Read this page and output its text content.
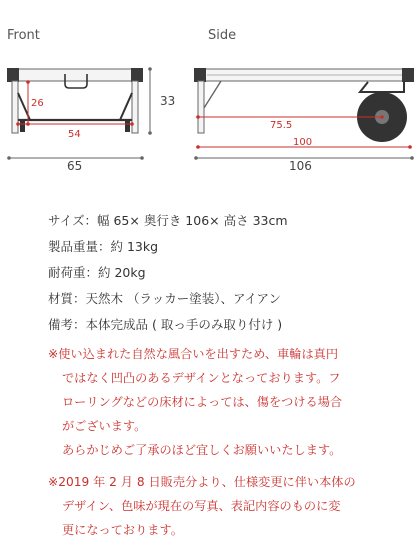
Front	Side
26	33
54
65
75.5
100
106
サイズ：幅 65× 奥行き 106× 高さ 33cm
製品重量：約 13kg
耐荷重：約 20kg
材質：天然木 （ラッカー塗装）、アイアン
備考：本体完成品 ( 取っ手のみ取り付け )
※使い込まれた自然な風合いを出すため、車輪は真円
ではなく凹凸のあるデザインとなっております。フ
ローリングなどの床材によっては、傷をつける場合
がございます。
あらかじめご了承のほど宜しくお願いいたします。
※2019 年 2 月 8 日販売分より、仕様変更に伴い本体の
デザイン、色味が現在の写真、表記内容のものに変
更になっております。
